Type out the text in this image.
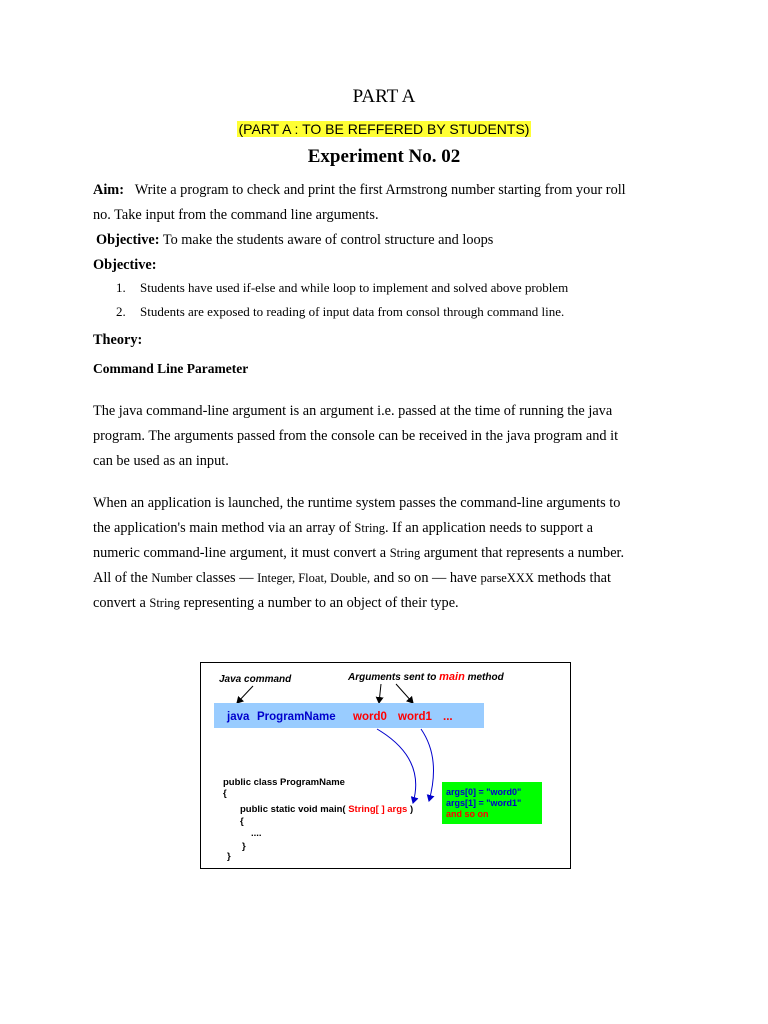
PART A
(PART A : TO BE REFFERED BY STUDENTS)
Experiment No. 02
Aim: Write a program to check and print the first Armstrong number starting from your roll
no. Take input from the command line arguments.
Objective: To make the students aware of control structure and loops
Objective:
1. Students have used if-else and while loop to implement and solved above problem
2. Students are exposed to reading of input data from consol through command line.
Theory:
Command Line Parameter
The java command-line argument is an argument i.e. passed at the time of running the java
program. The arguments passed from the console can be received in the java program and it
can be used as an input.
When an application is launched, the runtime system passes the command-line arguments to
the application's main method via an array of String. If an application needs to support a
numeric command-line argument, it must convert a String argument that represents a number.
All of the Number classes — Integer, Float, Double, and so on — have parseXXX methods that
convert a String representing a number to an object of their type.
Java command	Arguments sent to main method
java ProgramName word0 word1 ...
public class ProgramName
{
public static void main( String[ ] args )
{
....
}
}
args[0] = "word0"
args[1] = "word1"
and so on
